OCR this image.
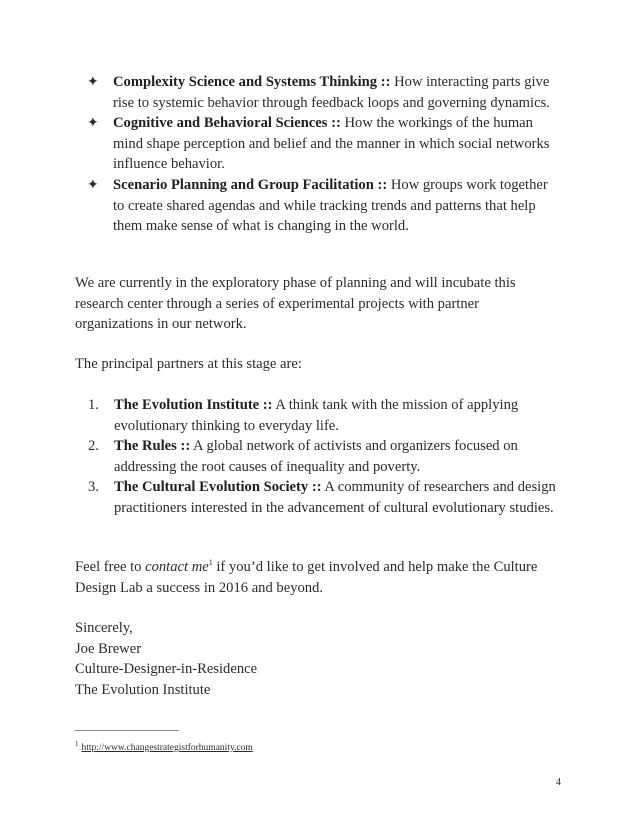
✦ Complexity Science and Systems Thinking :: How interacting parts give rise to systemic behavior through feedback loops and governing dynamics.
✦ Cognitive and Behavioral Sciences :: How the workings of the human mind shape perception and belief and the manner in which social networks influence behavior.
✦ Scenario Planning and Group Facilitation :: How groups work together to create shared agendas and while tracking trends and patterns that help them make sense of what is changing in the world.
We are currently in the exploratory phase of planning and will incubate this research center through a series of experimental projects with partner organizations in our network.
The principal partners at this stage are:
1. The Evolution Institute :: A think tank with the mission of applying evolutionary thinking to everyday life.
2. The Rules :: A global network of activists and organizers focused on addressing the root causes of inequality and poverty.
3. The Cultural Evolution Society :: A community of researchers and design practitioners interested in the advancement of cultural evolutionary studies.
Feel free to contact $me^1$ if you’d like to get involved and help make the Culture Design Lab a success in 2016 and beyond.
Sincerely,
Joe Brewer
Culture-Designer-in-Residence
The Evolution Institute
$^1$ http://www.changestrategistforhumanity.com
4
